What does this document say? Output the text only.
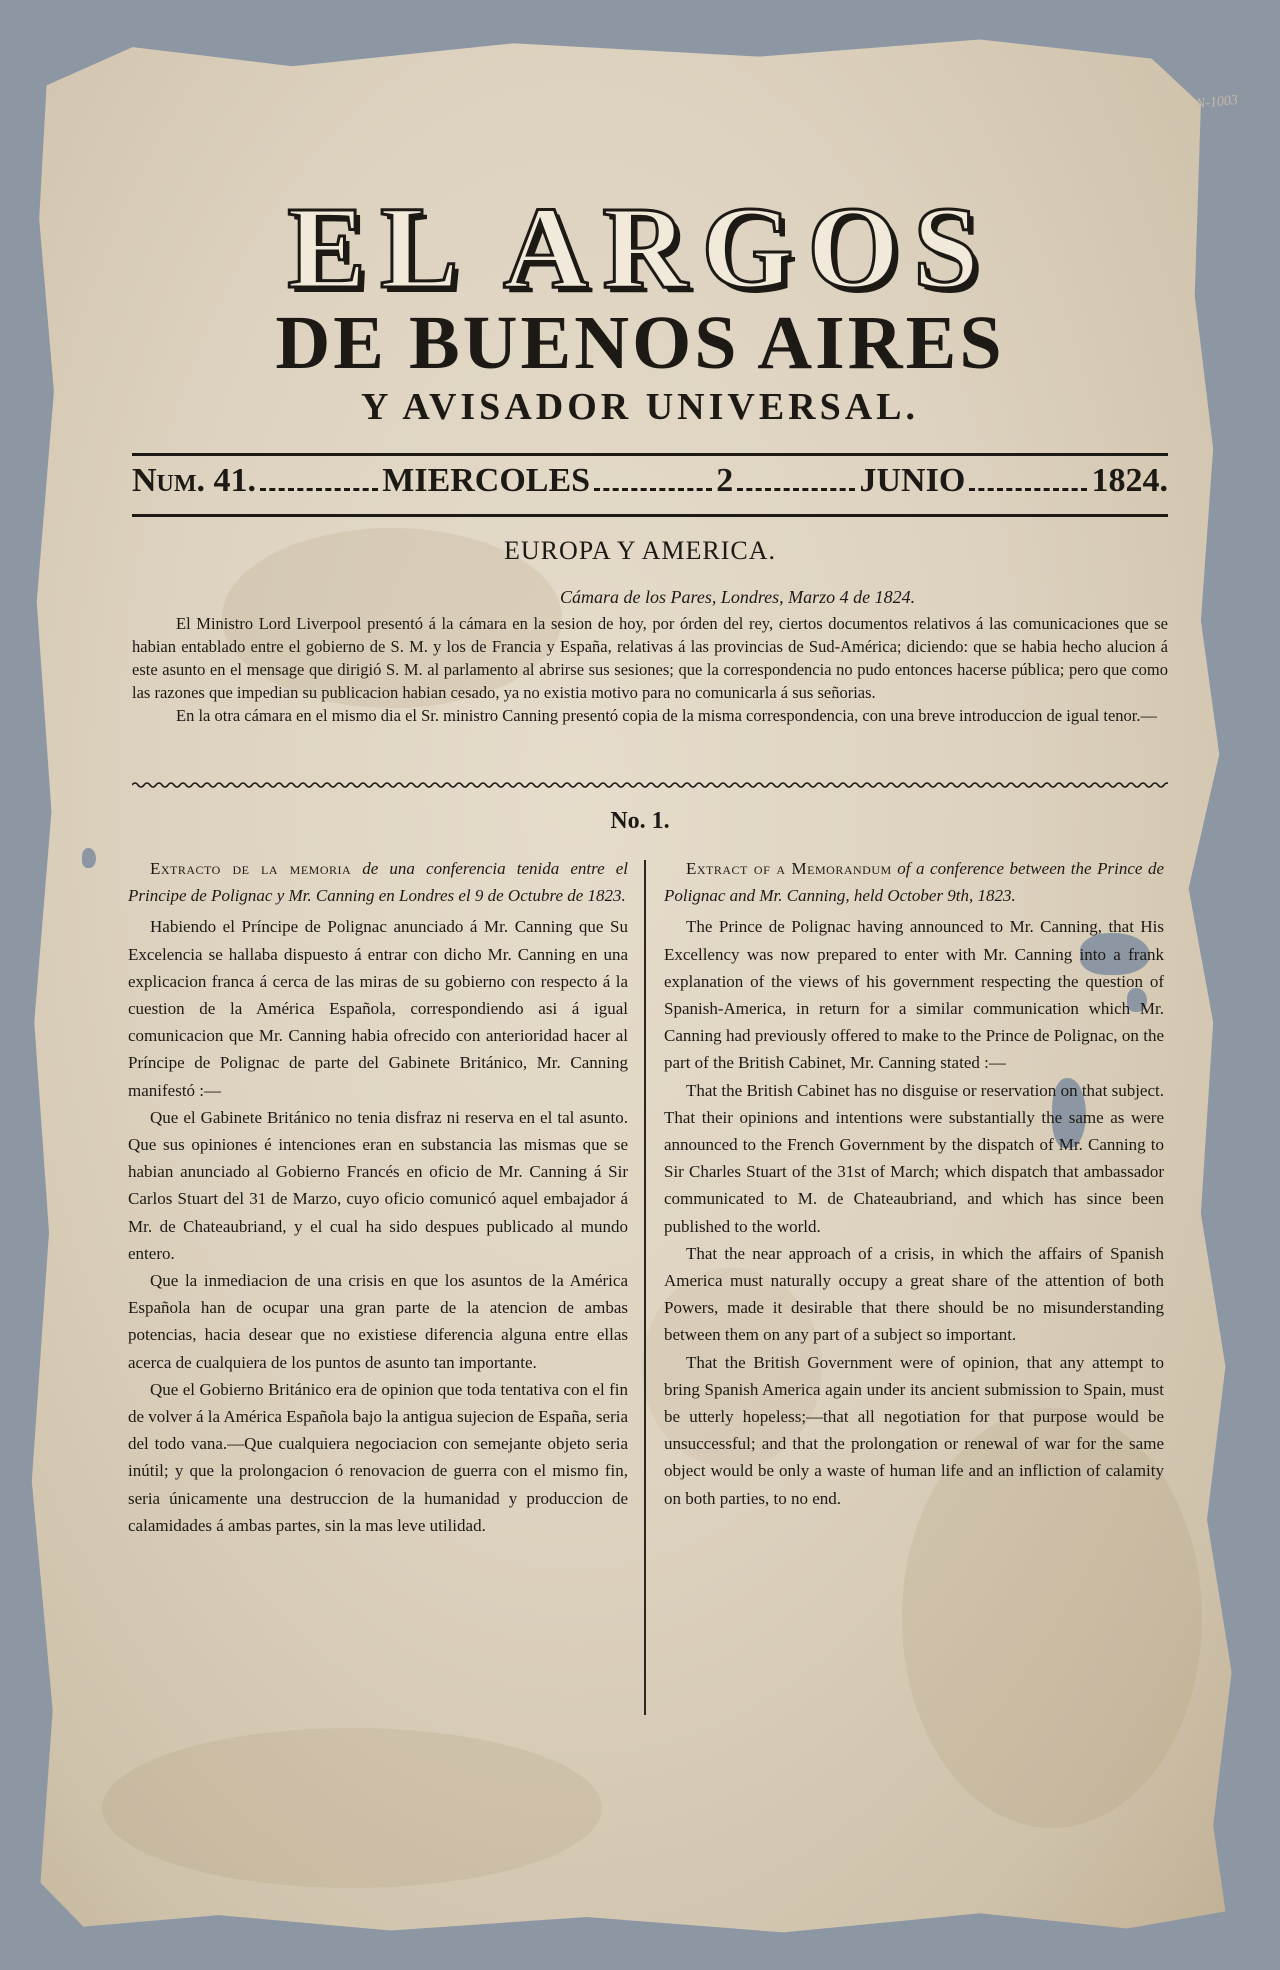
N-1003
EL ARGOS
DE BUENOS AIRES
Y AVISADOR UNIVERSAL.
Num. 41.	MIERCOLES	2	JUNIO	1824.
EUROPA Y AMERICA.
Cámara de los Pares, Londres, Marzo 4 de 1824.

El Ministro Lord Liverpool presentó á la cámara en la sesion de hoy, por órden del rey, ciertos documentos relativos á las comunicaciones que se habian entablado entre el gobierno de S. M. y los de Francia y España, relativas á las provincias de Sud-América; diciendo: que se habia hecho alucion á este asunto en el mensage que dirigió S. M. al parlamento al abrirse sus sesiones; que la correspondencia no pudo entonces hacerse pública; pero que como las razones que impedian su publicacion habian cesado, ya no existia motivo para no comunicarla á sus señorias.

En la otra cámara en el mismo dia el Sr. ministro Canning presentó copia de la misma correspondencia, con una breve introduccion de igual tenor.—

No. 1.

Extracto de la memoria de una conferencia tenida entre el Principe de Polignac y Mr. Canning en Londres el 9 de Octubre de 1823.

Habiendo el Príncipe de Polignac anunciado á Mr. Canning que Su Excelencia se hallaba dispuesto á entrar con dicho Mr. Canning en una explicacion franca á cerca de las miras de su gobierno con respecto á la cuestion de la América Española, correspondiendo asi á igual comunicacion que Mr. Canning habia ofrecido con anterioridad hacer al Príncipe de Polignac de parte del Gabinete Británico, Mr. Canning manifestó :—

Que el Gabinete Británico no tenia disfraz ni reserva en el tal asunto. Que sus opiniones é intenciones eran en substancia las mismas que se habian anunciado al Gobierno Francés en oficio de Mr. Canning á Sir Carlos Stuart del 31 de Marzo, cuyo oficio comunicó aquel embajador á Mr. de Chateaubriand, y el cual ha sido despues publicado al mundo entero.

Que la inmediacion de una crisis en que los asuntos de la América Española han de ocupar una gran parte de la atencion de ambas potencias, hacia desear que no existiese diferencia alguna entre ellas acerca de cualquiera de los puntos de asunto tan importante.

Que el Gobierno Británico era de opinion que toda tentativa con el fin de volver á la América Española bajo la antigua sujecion de España, seria del todo vana.—Que cualquiera negociacion con semejante objeto seria inútil; y que la prolongacion ó renovacion de guerra con el mismo fin, seria únicamente una destruccion de la humanidad y produccion de calamidades á ambas partes, sin la mas leve utilidad.

Extract of a Memorandum of a conference between the Prince de Polignac and Mr. Canning, held October 9th, 1823.

The Prince de Polignac having announced to Mr. Canning, that His Excellency was now prepared to enter with Mr. Canning into a frank explanation of the views of his government respecting the question of Spanish-America, in return for a similar communication which Mr. Canning had previously offered to make to the Prince de Polignac, on the part of the British Cabinet, Mr. Canning stated :—

That the British Cabinet has no disguise or reservation on that subject. That their opinions and intentions were substantially the same as were announced to the French Government by the dispatch of Mr. Canning to Sir Charles Stuart of the 31st of March; which dispatch that ambassador communicated to M. de Chateaubriand, and which has since been published to the world.

That the near approach of a crisis, in which the affairs of Spanish America must naturally occupy a great share of the attention of both Powers, made it desirable that there should be no misunderstanding between them on any part of a subject so important.

That the British Government were of opinion, that any attempt to bring Spanish America again under its ancient submission to Spain, must be utterly hopeless;—that all negotiation for that purpose would be unsuccessful; and that the prolongation or renewal of war for the same object would be only a waste of human life and an infliction of calamity on both parties, to no end.
